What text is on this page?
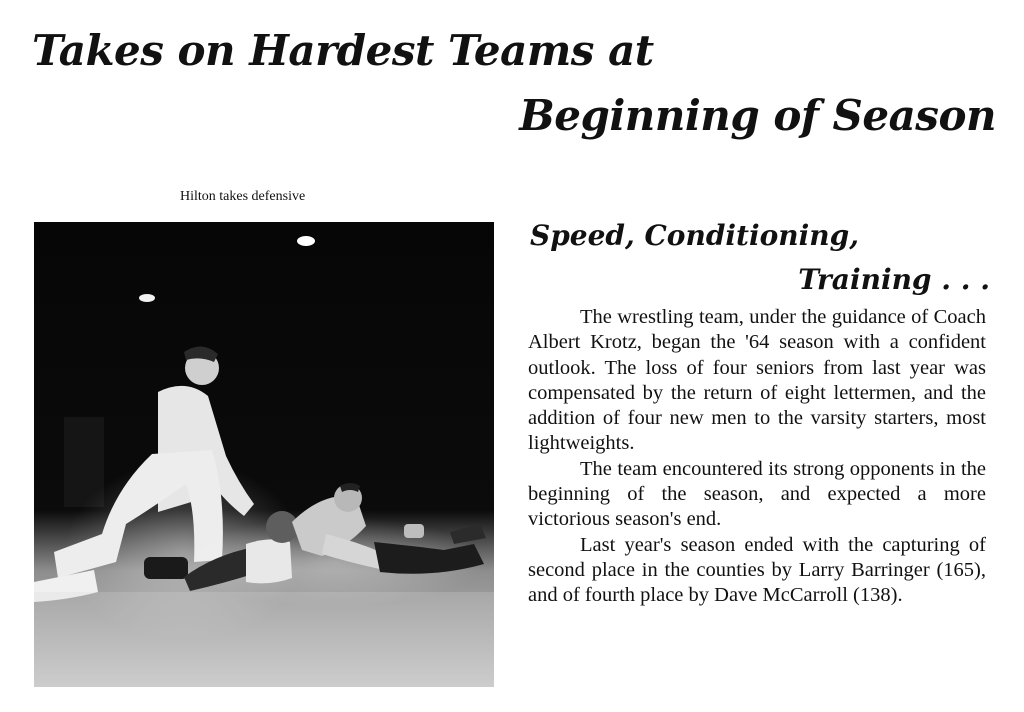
Takes on Hardest Teams at
Beginning of Season
Hilton takes defensive
Speed, Conditioning,
Training . . .

The wrestling team, under the guidance of Coach Albert Krotz, began the '64 season with a confident outlook. The loss of four seniors from last year was compensated by the return of eight lettermen, and the addition of four new men to the varsity starters, most lightweights.

The team encountered its strong opponents in the beginning of the season, and expected a more victorious season's end.

Last year's season ended with the capturing of second place in the counties by Larry Barringer (165), and of fourth place by Dave McCarroll (138).
